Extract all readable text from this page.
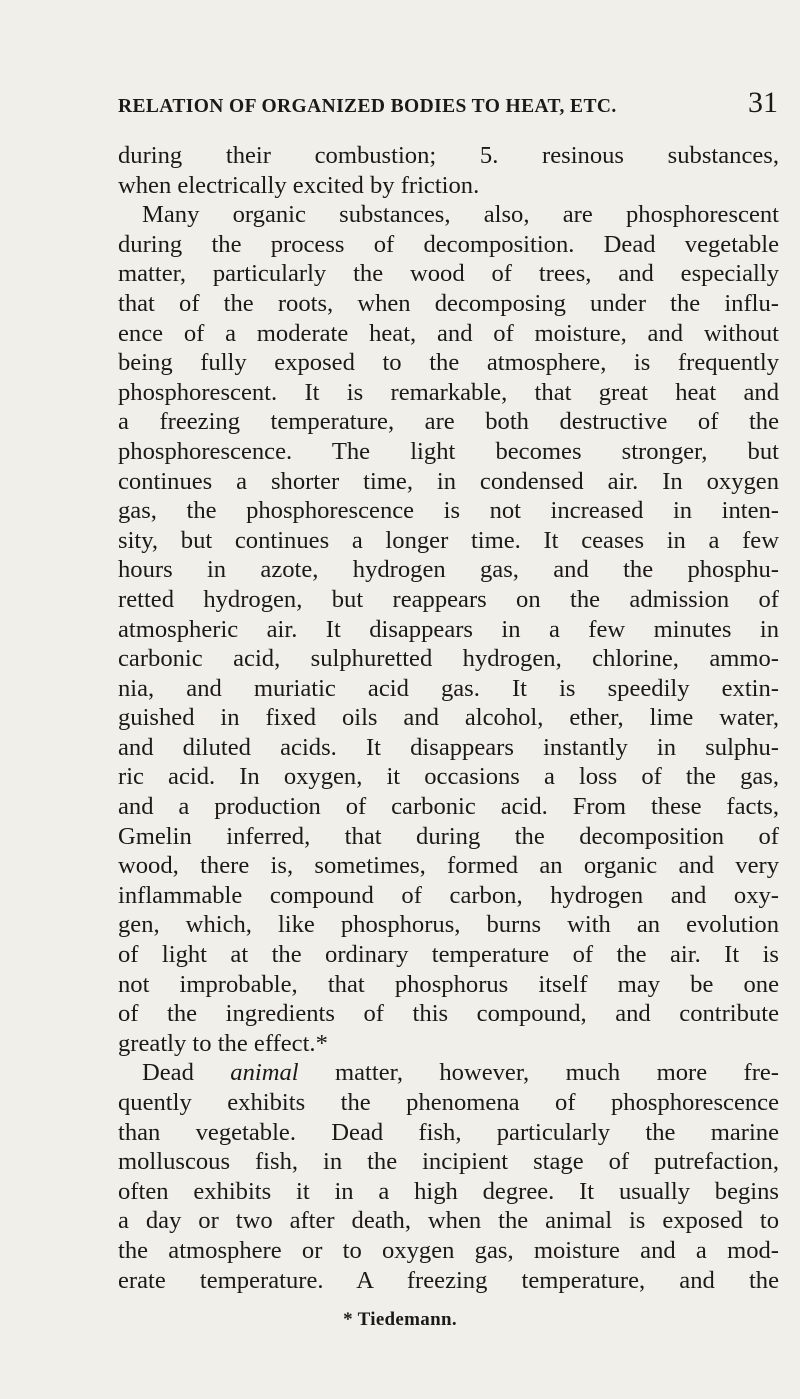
RELATION OF ORGANIZED BODIES TO HEAT, ETC.	31
during their combustion; 5. resinous substances,
when electrically excited by friction.
Many organic substances, also, are phosphorescent
during the process of decomposition. Dead vegetable
matter, particularly the wood of trees, and especially
that of the roots, when decomposing under the influ-
ence of a moderate heat, and of moisture, and without
being fully exposed to the atmosphere, is frequently
phosphorescent. It is remarkable, that great heat and
a freezing temperature, are both destructive of the
phosphorescence. The light becomes stronger, but
continues a shorter time, in condensed air. In oxygen
gas, the phosphorescence is not increased in inten-
sity, but continues a longer time. It ceases in a few
hours in azote, hydrogen gas, and the phosphu-
retted hydrogen, but reappears on the admission of
atmospheric air. It disappears in a few minutes in
carbonic acid, sulphuretted hydrogen, chlorine, ammo-
nia, and muriatic acid gas. It is speedily extin-
guished in fixed oils and alcohol, ether, lime water,
and diluted acids. It disappears instantly in sulphu-
ric acid. In oxygen, it occasions a loss of the gas,
and a production of carbonic acid. From these facts,
Gmelin inferred, that during the decomposition of
wood, there is, sometimes, formed an organic and very
inflammable compound of carbon, hydrogen and oxy-
gen, which, like phosphorus, burns with an evolution
of light at the ordinary temperature of the air. It is
not improbable, that phosphorus itself may be one
of the ingredients of this compound, and contribute
greatly to the effect.*
Dead animal matter, however, much more fre-
quently exhibits the phenomena of phosphorescence
than vegetable. Dead fish, particularly the marine
molluscous fish, in the incipient stage of putrefaction,
often exhibits it in a high degree. It usually begins
a day or two after death, when the animal is exposed to
the atmosphere or to oxygen gas, moisture and a mod-
erate temperature. A freezing temperature, and the
* Tiedemann.
